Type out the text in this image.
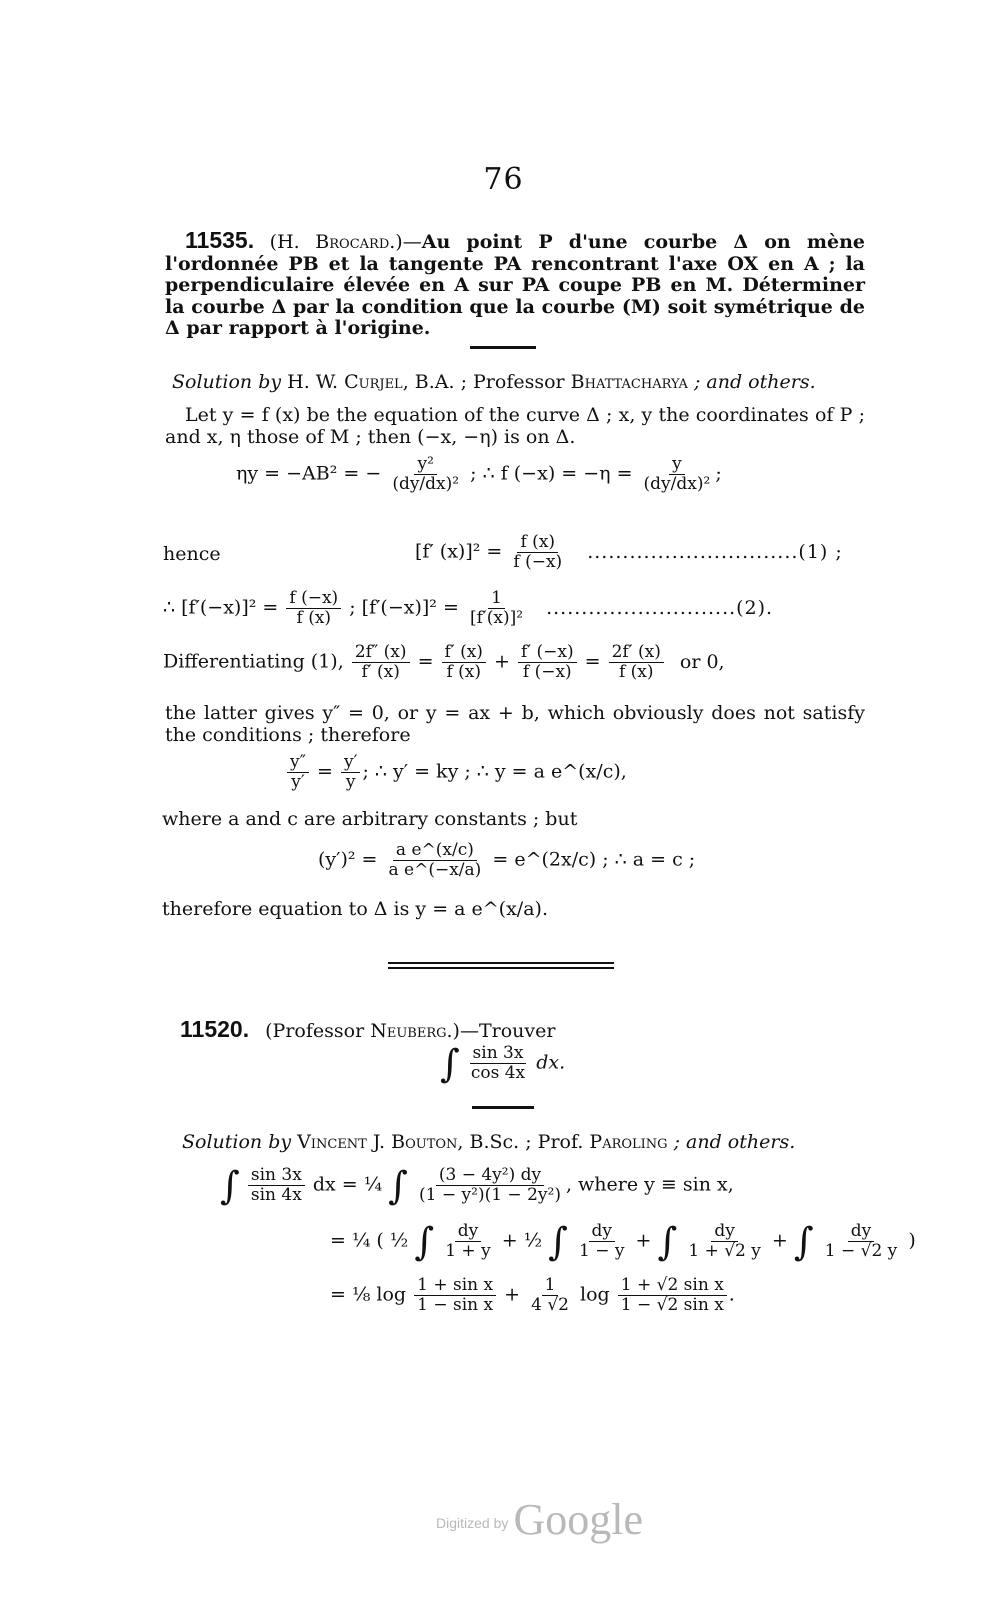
76
11535. (H. Brocard.)—Au point P d'une courbe Δ on mène l'ordonnée PB et la tangente PA rencontrant l'axe OX en A ; la perpendiculaire élevée en A sur PA coupe PB en M. Déterminer la courbe Δ par la condition que la courbe (M) soit symétrique de Δ par rapport à l'origine.
Solution by H. W. Curjel, B.A. ; Professor Bhattacharya ; and others.
Let y = f (x) be the equation of the curve Δ ; x, y the coordinates of P ; and x, η those of M ; then (−x, −η) is on Δ.
ηy = −AB² = − $\frac{\text{y²}}{\text{(dy/dx)²}}$ ; ∴ f $(-x) = -\eta = \frac{y}{\text{(dy/dx)²}}$ ;
hence	[f′ $(x)]^2 = \frac{f (x)}{f (-x)} ..............................(1)$ ;
∴ $[f'(-x)]^2 = \frac{f (-x)}{f (x)}$ ; $[f'(-x)]^2 = \frac{1}{\text{[f′(x)]²}} ...........................(2)$.
Differentiating (1), $\frac{2f'' (x)}{f' (x)} = \frac{f' (x)}{f (x)} + \frac{f' (-x)}{f (-x)} = \frac{2f' (x)}{f (x)}$ or 0,
the latter gives y″ = 0, or y = ax + b, which obviously does not satisfy the conditions ; therefore
$\frac{y''}{y'} = \frac{y'}{y}$ ; ∴ y′ = ky ; ∴ y = a e^(x/c),
where a and c are arbitrary constants ; but
$(y')^2 = \frac{\text{a e\textasciicircum{}(x/c)}}{\text{a e\textasciicircum{}(−x/a)}}$ = e^(2x/c) ; ∴ a = c ;
therefore equation to Δ is y = a e^(x/a).
11520. (Professor Neuberg.)—Trouver
∫ $\frac{\sin 3x}{\cos 4x}$ dx.
Solution by Vincent J. Bouton, B.Sc. ; Prof. Paroling ; and others.
∫ $\frac{\sin 3x}{\sin 4x}$ dx = ¼ ∫ $\frac{\text{(3 − 4y²) dy}}{\text{(1 − y²)(1 − 2y²)}}$ , where y ≡ sin x,
= ¼ ( ½ ∫ $\frac{dy}{1 + y}$ + ½ ∫ $\frac{dy}{1 - y}$ + ∫ $\frac{dy}{1 + √2 y}$ + ∫ $\frac{dy}{1 - √2 y}$ )
= ⅛ $\log \frac{\text{1 + sin x}}{\text{1 − sin x}} + \frac{1}{4 √2}$ $\log \frac{\text{1 + √2 sin x}}{\text{1 − √2 sin x}}$ .
Digitized by Google
